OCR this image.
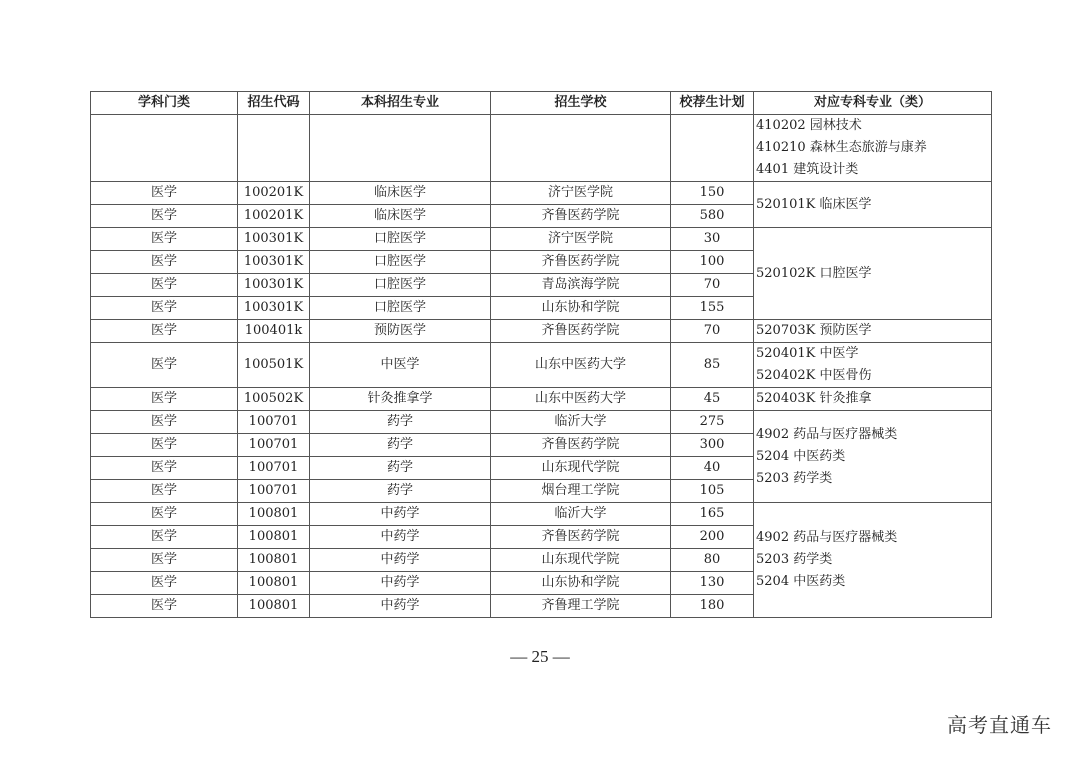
学科门类	招生代码	本科招生专业	招生学校	校荐生计划	对应专科专业（类）

					410202 园林技术
410210 森林生态旅游与康养
4401 建筑设计类

医学	100201K	临床医学	济宁医学院	150	520101K 临床医学

医学	100201K	临床医学	齐鲁医药学院	580	
医学	100301K	口腔医学	济宁医学院	30	520102K 口腔医学

医学	100301K	口腔医学	齐鲁医药学院	100	
医学	100301K	口腔医学	青岛滨海学院	70	
医学	100301K	口腔医学	山东协和学院	155	
医学	100401k	预防医学	齐鲁医药学院	70	520703K 预防医学

医学	100501K	中医学	山东中医药大学	85	520401K 中医学
520402K 中医骨伤

医学	100502K	针灸推拿学	山东中医药大学	45	520403K 针灸推拿

医学	100701	药学	临沂大学	275	4902 药品与医疗器械类
5204 中医药类
5203 药学类

医学	100701	药学	齐鲁医药学院	300	
医学	100701	药学	山东现代学院	40	
医学	100701	药学	烟台理工学院	105	
医学	100801	中药学	临沂大学	165	4902 药品与医疗器械类
5203 药学类
5204 中医药类

医学	100801	中药学	齐鲁医药学院	200	
医学	100801	中药学	山东现代学院	80	
医学	100801	中药学	山东协和学院	130	
医学	100801	中药学	齐鲁理工学院	180	
— 25 —
高考直通车
